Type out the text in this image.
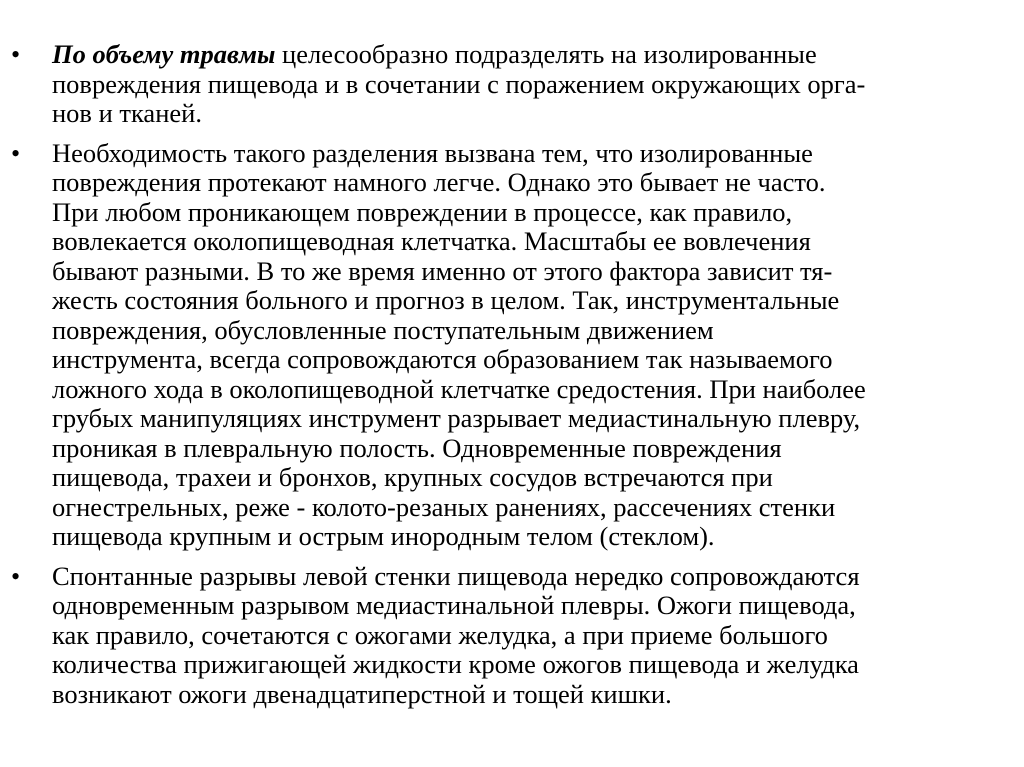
•	По объему травмы целесообразно подразделять на изолированные
повреждения пищевода и в сочетании с поражением окружающих орга-
нов и тканей.
•	Необходимость такого разделения вызвана тем, что изолированные
повреждения протекают намного легче. Однако это бывает не часто.
При любом проникающем повреждении в процессе, как правило,
вовлекается околопищеводная клетчатка. Масштабы ее вовлечения
бывают разными. В то же время именно от этого фактора зависит тя-
жесть состояния больного и прогноз в целом. Так, инструментальные
повреждения, обусловленные поступательным движением
инструмента, всегда сопровождаются образованием так называемого
ложного хода в околопищеводной клетчатке средостения. При наиболее
грубых манипуляциях инструмент разрывает медиастинальную плевру,
проникая в плевральную полость. Одновременные повреждения
пищевода, трахеи и бронхов, крупных сосудов встречаются при
огнестрельных, реже - колото-резаных ранениях, рассечениях стенки
пищевода крупным и острым инородным телом (стеклом).
•	Спонтанные разрывы левой стенки пищевода нередко сопровождаются
одновременным разрывом медиастинальной плевры. Ожоги пищевода,
как правило, сочетаются с ожогами желудка, а при приеме большого
количества прижигающей жидкости кроме ожогов пищевода и желудка
возникают ожоги двенадцатиперстной и тощей кишки.
